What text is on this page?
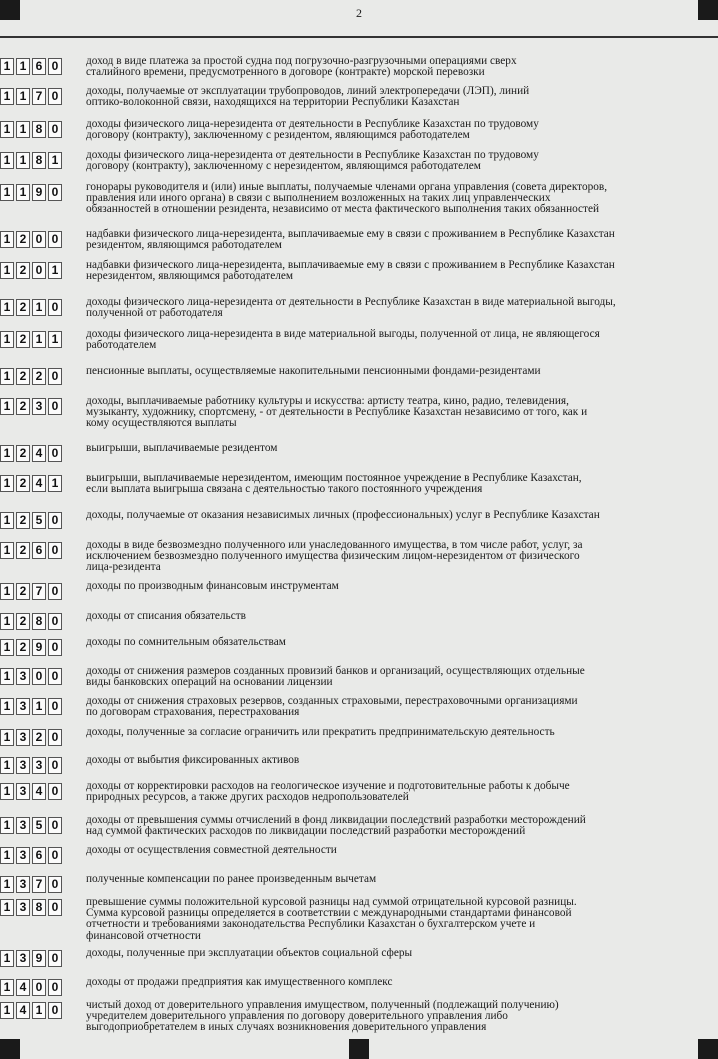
2
1 1 6 0	доход в виде платежа за простой судна под погрузочно-разгрузочными операциями сверх
сталийного времени, предусмотренного в договоре (контракте) морской перевозки
1 1 7 0	доходы, получаемые от эксплуатации трубопроводов, линий электропередачи (ЛЭП), линий
оптико-волоконной связи, находящихся на территории Республики Казахстан
1 1 8 0	доходы физического лица-нерезидента от деятельности в Республике Казахстан по трудовому
договору (контракту), заключенному с резидентом, являющимся работодателем
1 1 8 1	доходы физического лица-нерезидента от деятельности в Республике Казахстан по трудовому
договору (контракту), заключенному с нерезидентом, являющимся работодателем
1 1 9 0	гонорары руководителя и (или) иные выплаты, получаемые членами органа управления (совета директоров,
правления или иного органа) в связи с выполнением возложенных на таких лиц управленческих
обязанностей в отношении резидента, независимо от места фактического выполнения таких обязанностей
1 2 0 0	надбавки физического лица-нерезидента, выплачиваемые ему в связи с проживанием в Республике Казахстан
резидентом, являющимся работодателем
1 2 0 1	надбавки физического лица-нерезидента, выплачиваемые ему в связи с проживанием в Республике Казахстан
нерезидентом, являющимся работодателем
1 2 1 0	доходы физического лица-нерезидента от деятельности в Республике Казахстан в виде материальной выгоды,
полученной от работодателя
1 2 1 1	доходы физического лица-нерезидента в виде материальной выгоды, полученной от лица, не являющегося
работодателем
1 2 2 0	пенсионные выплаты, осуществляемые накопительными пенсионными фондами-резидентами
1 2 3 0	доходы, выплачиваемые работнику культуры и искусства: артисту театра, кино, радио, телевидения,
музыканту, художнику, спортсмену, - от деятельности в Республике Казахстан независимо от того, как и
кому осуществляются выплаты
1 2 4 0	выигрыши, выплачиваемые резидентом
1 2 4 1	выигрыши, выплачиваемые нерезидентом, имеющим постоянное учреждение в Республике Казахстан,
если выплата выигрыша связана с деятельностью такого постоянного учреждения
1 2 5 0	доходы, получаемые от оказания независимых личных (профессиональных) услуг в Республике Казахстан
1 2 6 0	доходы в виде безвозмездно полученного или унаследованного имущества, в том числе работ, услуг, за
исключением безвозмездно полученного имущества физическим лицом-нерезидентом от физического
лица-резидента
1 2 7 0	доходы по производным финансовым инструментам
1 2 8 0	доходы от списания обязательств
1 2 9 0	доходы по сомнительным обязательствам
1 3 0 0	доходы от снижения размеров созданных провизий банков и организаций, осуществляющих отдельные
виды банковских операций на основании лицензии
1 3 1 0	доходы от снижения страховых резервов, созданных страховыми, перестраховочными организациями
по договорам страхования, перестрахования
1 3 2 0	доходы, полученные за согласие ограничить или прекратить предпринимательскую деятельность
1 3 3 0	доходы от выбытия фиксированных активов
1 3 4 0	доходы от корректировки расходов на геологическое изучение и подготовительные работы к добыче
природных ресурсов, а также других расходов недропользователей
1 3 5 0	доходы от превышения суммы отчислений в фонд ликвидации последствий разработки месторождений
над суммой фактических расходов по ликвидации последствий разработки месторождений
1 3 6 0	доходы от осуществления совместной деятельности
1 3 7 0	полученные компенсации по ранее произведенным вычетам
1 3 8 0	превышение суммы положительной курсовой разницы над суммой отрицательной курсовой разницы.
Сумма курсовой разницы определяется в соответствии с международными стандартами финансовой
отчетности и требованиями законодательства Республики Казахстан о бухгалтерском учете и
финансовой отчетности
1 3 9 0	доходы, полученные при эксплуатации объектов социальной сферы
1 4 0 0	доходы от продажи предприятия как имущественного комплекс
1 4 1 0	чистый доход от доверительного управления имуществом, полученный (подлежащий получению)
учредителем доверительного управления по договору доверительного управления либо
выгодоприобретателем в иных случаях возникновения доверительного управления
